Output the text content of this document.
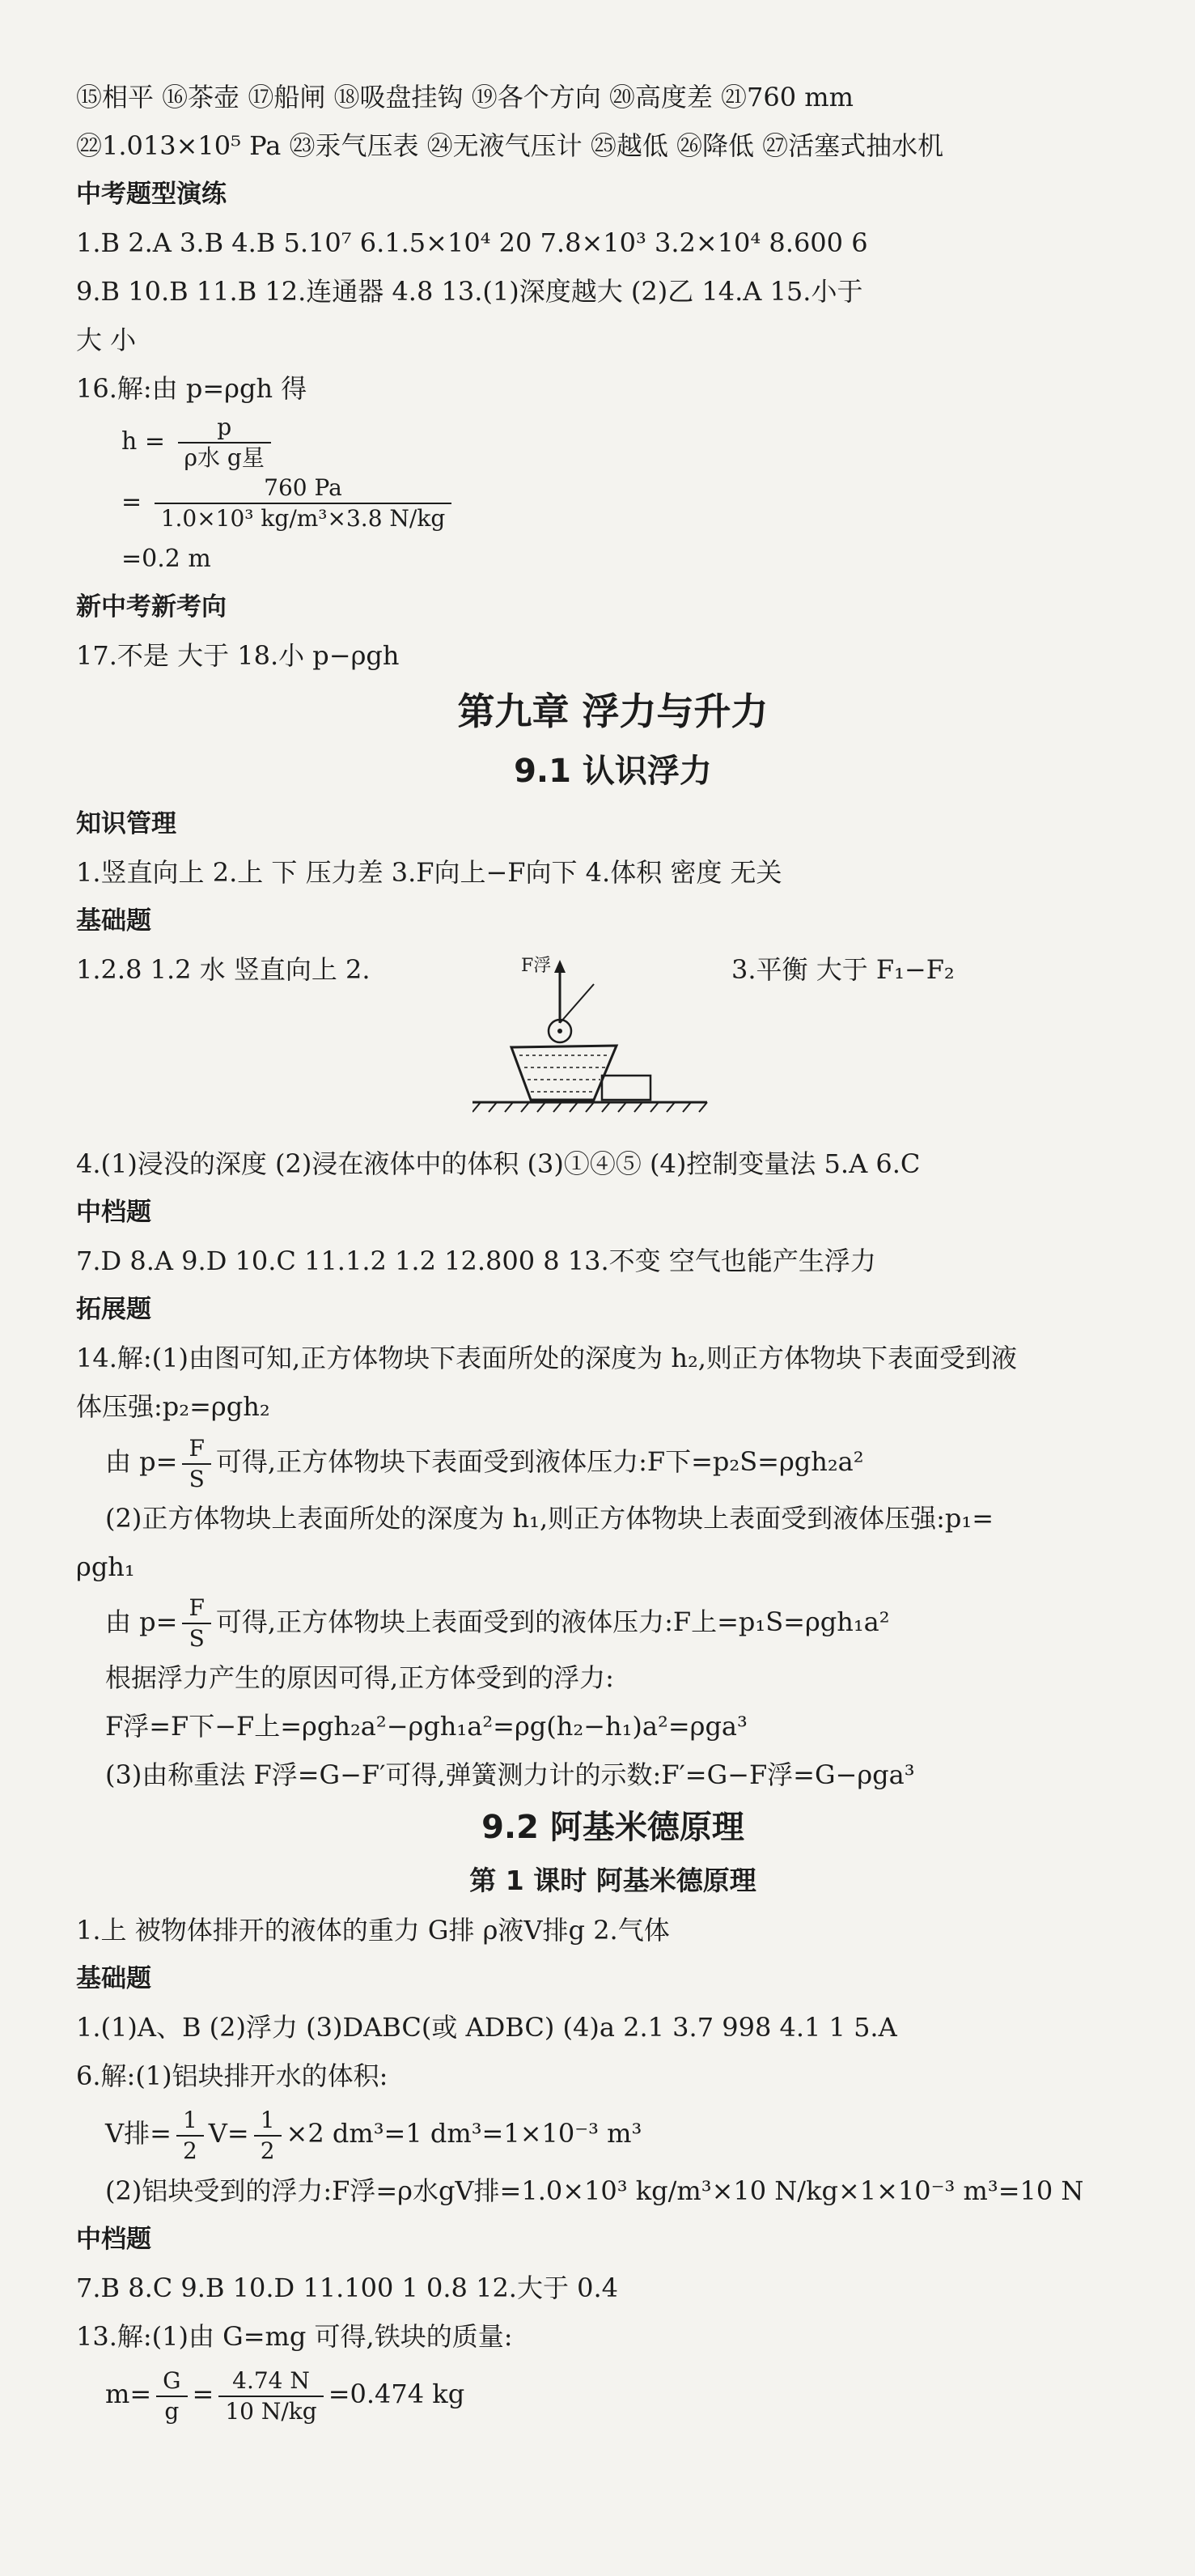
⑮相平 ⑯茶壶 ⑰船闸 ⑱吸盘挂钩 ⑲各个方向 ⑳高度差 ㉑760 mm
㉒1.013×10⁵ Pa ㉓汞气压表 ㉔无液气压计 ㉕越低 ㉖降低 ㉗活塞式抽水机
中考题型演练
1.B 2.A 3.B 4.B 5.10⁷ 6.1.5×10⁴ 20 7.8×10³ 3.2×10⁴ 8.600 6
9.B 10.B 11.B 12.连通器 4.8 13.(1)深度越大 (2)乙 14.A 15.小于
大 小
16.解:由 p=ρgh 得
$h = \frac{p}{\text{ρ水 g星}}$
= $\frac{760 Pa}{\text{1.0×10³ kg/m³×3.8 N/kg}}$
=0.2 m
新中考新考向
17.不是 大于 18.小 p−ρgh
第九章 浮力与升力
9.1 认识浮力
知识管理
1.竖直向上 2.上 下 压力差 3.F向上−F向下 4.体积 密度 无关
基础题
1.2.8 1.2 水 竖直向上 2.	F浮	3.平衡 大于 F₁−F₂
4.(1)浸没的深度 (2)浸在液体中的体积 (3)①④⑤ (4)控制变量法 5.A 6.C
中档题
7.D 8.A 9.D 10.C 11.1.2 1.2 12.800 8 13.不变 空气也能产生浮力
拓展题
14.解:(1)由图可知,正方体物块下表面所处的深度为 h₂,则正方体物块下表面受到液
体压强:p₂=ρgh₂
由 $p= \frac{F}{S}$ 可得,正方体物块下表面受到液体压力:F下=p₂S=ρgh₂a²
(2)正方体物块上表面所处的深度为 h₁,则正方体物块上表面受到液体压强:p₁=
ρgh₁
由 $p= \frac{F}{S}$ 可得,正方体物块上表面受到的液体压力:F上=p₁S=ρgh₁a²
根据浮力产生的原因可得,正方体受到的浮力:
F浮=F下−F上=ρgh₂a²−ρgh₁a²=ρg(h₂−h₁)a²=ρga³
(3)由称重法 F浮=G−F′可得,弹簧测力计的示数:F′=G−F浮=G−ρga³
9.2 阿基米德原理
第 1 课时 阿基米德原理
1.上 被物体排开的液体的重力 G排 ρ液V排g 2.气体
基础题
1.(1)A、B (2)浮力 (3)DABC(或 ADBC) (4)a 2.1 3.7 998 4.1 1 5.A
6.解:(1)铝块排开水的体积:
V排= $\frac{1}{2} V= \frac{1}{2} \times 2$ dm³=1 dm³=1×10⁻³ m³
(2)铝块受到的浮力:F浮=ρ水gV排=1.0×10³ kg/m³×10 N/kg×1×10⁻³ m³=10 N
中档题
7.B 8.C 9.B 10.D 11.100 1 0.8 12.大于 0.4
13.解:(1)由 G=mg 可得,铁块的质量:
$m= \frac{G}{g} = \frac{4.74 N}{10 N/kg} =0.474$ kg
